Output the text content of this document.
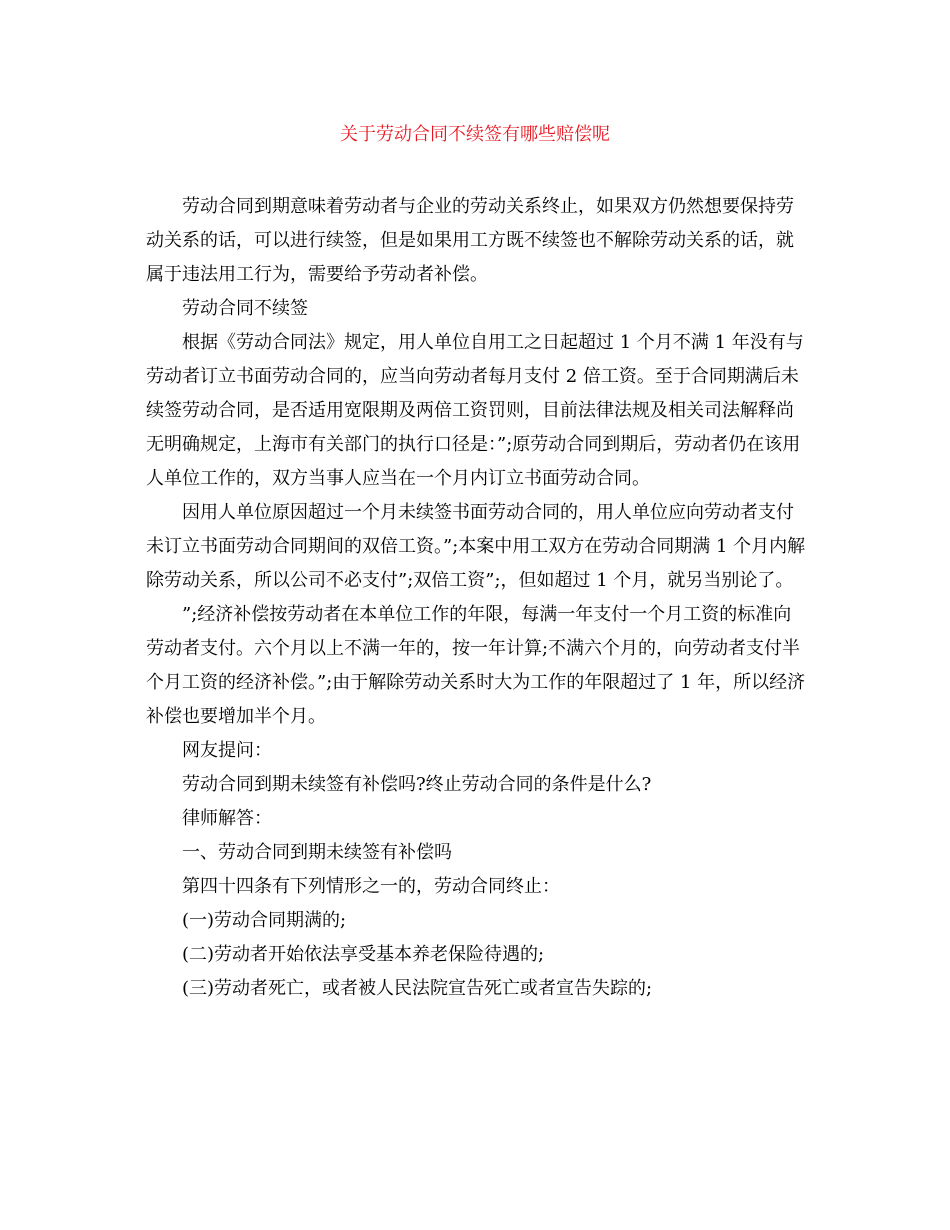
关于劳动合同不续签有哪些赔偿呢

劳动合同到期意味着劳动者与企业的劳动关系终止，如果双方仍然想要保持劳动关系的话，可以进行续签，但是如果用工方既不续签也不解除劳动关系的话，就属于违法用工行为，需要给予劳动者补偿。

劳动合同不续签

根据《劳动合同法》规定，用人单位自用工之日起超过 1 个月不满 1 年没有与劳动者订立书面劳动合同的，应当向劳动者每月支付 2 倍工资。至于合同期满后未续签劳动合同，是否适用宽限期及两倍工资罚则，目前法律法规及相关司法解释尚无明确规定，上海市有关部门的执行口径是：”;原劳动合同到期后，劳动者仍在该用人单位工作的，双方当事人应当在一个月内订立书面劳动合同。

因用人单位原因超过一个月未续签书面劳动合同的，用人单位应向劳动者支付未订立书面劳动合同期间的双倍工资。”;本案中用工双方在劳动合同期满 1 个月内解除劳动关系，所以公司不必支付”;双倍工资”;，但如超过 1 个月，就另当别论了。

”;经济补偿按劳动者在本单位工作的年限，每满一年支付一个月工资的标准向劳动者支付。六个月以上不满一年的，按一年计算;不满六个月的，向劳动者支付半个月工资的经济补偿。”;由于解除劳动关系时大为工作的年限超过了 1 年，所以经济补偿也要增加半个月。

网友提问：

劳动合同到期未续签有补偿吗?终止劳动合同的条件是什么?

律师解答：

一、劳动合同到期未续签有补偿吗

第四十四条有下列情形之一的，劳动合同终止：

(一)劳动合同期满的;

(二)劳动者开始依法享受基本养老保险待遇的;

(三)劳动者死亡，或者被人民法院宣告死亡或者宣告失踪的;
